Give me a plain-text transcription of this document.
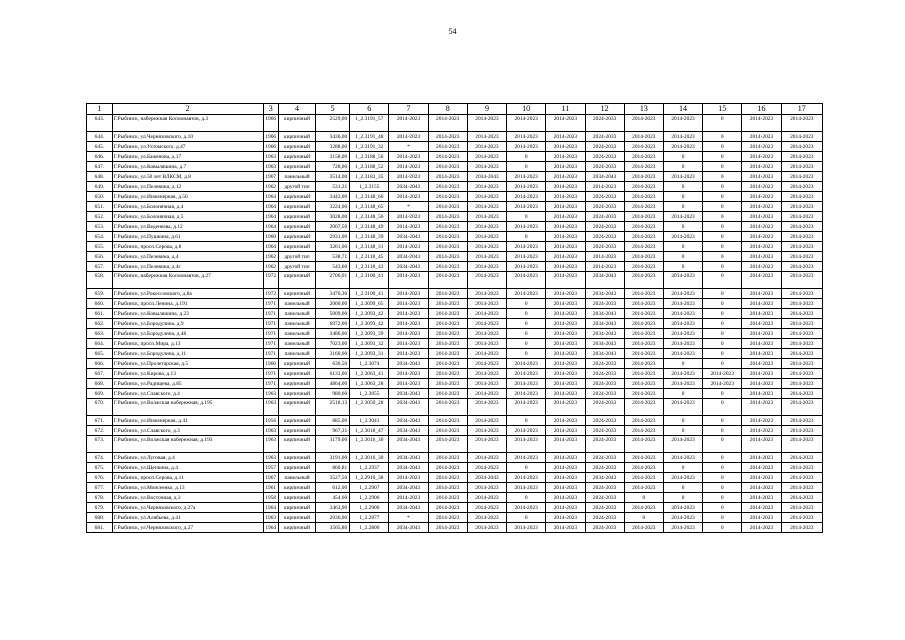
54
1	2	3	4	5	6	7	8	9	10	11	12	13	14	15	16	17
643.	Г.Рыбинск, набережная Космонавтов, д.3	1966	кирпичный	2529,00	1_2.3191_57	2014-2023	2014-2023	2014-2023	2014-2023	2014-2023	2024-2033	2014-2023	2014-2023	0	2014-2023	2014-2023
644.	Г.Рыбинск, ул.Черняховского, д.10	1966	кирпичный	3436,00	1_2.3191_48	2014-2023	2014-2023	2014-2023	2014-2023	2014-2023	2024-2033	2014-2023	2014-2023	0	2014-2023	2014-2023
645.	Г.Рыбинск, ул.Ухтомского, д.47	1966	кирпичный	3288,00	1_2.3191_32	*	2014-2023	2014-2023	2014-2023	2014-2023	2024-2033	2014-2023	2014-2023	0	2014-2023	2014-2023
646.	Г.Рыбинск, ул.Баженова, д.17	1963	кирпичный	3158,00	1_2.3188_56	2014-2023	2014-2023	2014-2023	0	2014-2023	2024-2033	2014-2023	0	0	2014-2023	2014-2023
647.	Г.Рыбинск, ул.Ковыляшина, д.7	1963	кирпичный	728,00	1_2.3188_52	2014-2023	2014-2023	2014-2023	0	2014-2023	2024-2033	2014-2023	0	0	2014-2023	2014-2023
648.	Г.Рыбинск, ул.50 лет ВЛКСМ, д.8	1967	панельный	3514,00	1_2.3183_35	2014-2023	2014-2023	2034-2043	2014-2023	2014-2023	2034-2043	2014-2023	2014-2023	0	2014-2023	2014-2023
649.	Г.Рыбинск, ул.Пелевина, д.12	1962	другой тип	531,21	1_2.3155	2034-2043	2014-2023	2014-2023	2014-2023	2014-2023	2014-2023	2014-2023	0	0	2014-2023	2014-2023
650.	Г.Рыбинск, ул.Инженерная, д.56	1964	кирпичный	3443,00	1_2.3148_66	2014-2023	2014-2023	2014-2023	2014-2023	2014-2023	2024-2033	2014-2023	0	0	2014-2023	2014-2023
651.	Г.Рыбинск, ул.Болонячная, д.4	1964	кирпичный	3224,00	1_2.3148_65	*	2014-2023	2014-2023	2014-2023	2014-2023	2024-2033	2014-2023	0	0	2014-2023	2014-2023
652.	Г.Рыбинск, ул.Болонячная, д.5	1964	кирпичный	3028,00	1_2.3148_56	2014-2023	2014-2023	2014-2023	0	2014-2023	2024-2033	2014-2023	2014-2023	0	2014-2023	2014-2023
653.	Г.Рыбинск, ул.Веденеева, д.12	1964	кирпичный	2007,50	1_2.3148_49	2014-2023	2014-2023	2014-2023	2014-2023	2014-2023	2024-2033	2014-2023	0	0	2014-2023	2014-2023
654.	Г.Рыбинск, ул.Пушкина, д.61	1960	кирпичный	2931,00	1_2.3148_39	2034-2043	2014-2023	2014-2023	0	2014-2023	2024-2033	2014-2023	2014-2023	0	2014-2023	2014-2023
655.	Г.Рыбинск, просп.Серова, д.8	1964	кирпичный	3261,00	1_2.3148_31	2014-2023	2014-2023	2014-2023	2014-2023	2014-2023	2024-2033	2014-2023	0	0	2014-2023	2014-2023
656.	Г.Рыбинск, ул.Пелевина, д.4	1962	другой тип	538,71	1_2.3118_45	2034-2043	2014-2023	2014-2023	2014-2023	2014-2023	2014-2023	2014-2023	0	0	2014-2023	2014-2023
657.	Г.Рыбинск, ул.Пелевина, д.4г	1962	другой тип	543,60	1_2.3118_43	2034-2043	2014-2023	2014-2023	2014-2023	2014-2023	2014-2023	2014-2023	0	0	2014-2023	2014-2023
658.	Г.Рыбинск, набережная Космонавтов, д.27	1972	кирпичный	2706,01	1_2.3100_41	2014-2023	2014-2023	2014-2023	2014-2023	2014-2023	2034-2043	2014-2023	2014-2023	0	2014-2023	2014-2023
659.	Г.Рыбинск, ул.Рокоссовского, д.8а	1972	кирпичный	3476,30	1_2.3100_41	2014-2023	2014-2023	2014-2023	2014-2023	2014-2023	2034-2043	2014-2023	2014-2023	0	2014-2023	2014-2023
660.	Г.Рыбинск, просп.Ленина, д.191	1971	панельный	2060,00	1_2.3099_65	2014-2023	2014-2023	2014-2023	0	2014-2023	2024-2033	2014-2023	2014-2023	0	2014-2023	2014-2023
661.	Г.Рыбинск, ул.Ковыляшина, д.23	1971	панельный	5009,00	1_2.3093_42	2014-2023	2014-2023	2014-2023	0	2014-2023	2034-2043	2014-2023	2014-2023	0	2014-2023	2014-2023
662.	Г.Рыбинск, ул.Бородулина, д.9	1971	панельный	6972,00	1_2.3093_42	2014-2023	2014-2023	2014-2023	0	2014-2023	2034-2043	2014-2023	2014-2023	0	2014-2023	2014-2023
663.	Г.Рыбинск, ул.Бородулина, д.48	1971	панельный	3486,00	1_2.3093_39	2014-2023	2014-2023	2014-2023	0	2014-2023	2034-2043	2014-2023	2014-2023	0	2014-2023	2014-2023
664.	Г.Рыбинск, просп.Мира, д.13	1971	панельный	7023,00	1_2.3093_32	2014-2023	2014-2023	2014-2023	0	2014-2023	2034-2043	2014-2023	2014-2023	0	2014-2023	2014-2023
665.	Г.Рыбинск, ул.Бородулина, д.11	1971	панельный	3160,00	1_2.3093_31	2014-2023	2014-2023	2014-2023	0	2014-2023	2034-2043	2014-2023	2014-2023	0	2014-2023	2014-2023
666.	Г.Рыбинск, ул.Пролетарская, д.5	1960	кирпичный	636,50	1_2.3074	2034-2043	2014-2023	2014-2023	2014-2023	2014-2023	2024-2033	2014-2023	0	0	2014-2023	2014-2023
667.	Г.Рыбинск, ул.Кирова, д.13	1971	кирпичный	6133,00	1_2.3063_41	2014-2023	2014-2023	2014-2023	2014-2023	2014-2023	2024-2033	2014-2023	2014-2023	2014-2023	2014-2023	2014-2023
668.	Г.Рыбинск, ул.Радищева, д.85	1971	кирпичный	4864,00	1_2.3063_28	2014-2023	2014-2023	2014-2023	2014-2023	2014-2023	2024-2033	2014-2023	2014-2023	2014-2023	2014-2023	2014-2023
669.	Г.Рыбинск, ул.Славского, д.4	1963	кирпичный	980,60	1_2.3055	2034-2043	2014-2023	2014-2023	2014-2023	2014-2023	2024-2033	2014-2023	0	0	2014-2023	2014-2023
670.	Г.Рыбинск, ул.Волжская набережная, д.195	1963	кирпичный	2518,13	1_2.3050_28	2034-2043	2014-2023	2014-2023	2014-2023	2014-2023	2024-2033	2014-2023	2014-2023	0	2014-2023	2014-2023
671.	Г.Рыбинск, ул.Инженерная, д.41	1956	кирпичный	885,00	1_2.3041	2034-2043	2014-2023	2014-2023	0	2014-2023	2024-2033	2014-2023	0	0	2014-2023	2014-2023
672.	Г.Рыбинск, ул.Славского, д.3	1963	кирпичный	967,31	1_2.3018_47	2034-2043	2014-2023	2014-2023	2014-2023	2014-2023	2024-2033	2014-2023	0	0	2014-2023	2014-2023
673.	Г.Рыбинск, ул.Волжская набережная, д.193	1963	кирпичный	3179,00	1_2.3016_30	2034-2043	2014-2023	2014-2023	2014-2023	2014-2023	2024-2033	2014-2023	2014-2023	0	2014-2023	2014-2023
674.	Г.Рыбинск, ул.Луговая, д.4	1963	кирпичный	3191,00	1_2.3016_30	2034-2043	2014-2023	2014-2023	2014-2023	2014-2023	2024-2033	2014-2023	2014-2023	0	2014-2023	2014-2023
675.	Г.Рыбинск, ул.Щепкина, д.4	1957	кирпичный	860,81	1_2.2937	2034-2043	2014-2023	2014-2023	0	2014-2023	2024-2033	2014-2023	0	0	2014-2023	2014-2023
676.	Г.Рыбинск, просп.Серова, д.11	1967	панельный	3527,50	1_2.2916_38	2014-2023	2014-2023	2034-2043	2014-2023	2014-2023	2034-2043	2014-2023	2014-2023	0	2014-2023	2014-2023
677.	Г.Рыбинск, ул.Моисеенко, д.13	1961	кирпичный	612,00	1_2.2907	2034-2043	2014-2023	2014-2023	2014-2023	2014-2023	2024-2033	2014-2023	0	0	2014-2023	2014-2023
678.	Г.Рыбинск, ул.Восточная, д.3	1958	кирпичный	454,60	1_2.2906	2014-2023	2014-2023	2014-2023	0	2014-2023	2024-2033	0	0	0	2014-2023	2014-2023
679.	Г.Рыбинск, ул.Черняховского, д.27а	1964	кирпичный	3463,90	1_2.2900	2034-2043	2014-2023	2014-2023	2014-2023	2014-2023	2024-2033	2014-2023	2014-2023	0	2014-2023	2014-2023
680.	Г.Рыбинск, ул.Алябьева, д.41	1963	кирпичный	2036,00	1_2.2877	*	2014-2023	2014-2023	0	2014-2023	2024-2033	0	2014-2023	0	2014-2023	2014-2023
681.	Г.Рыбинск, ул.Черняховского, д.27	1964	кирпичный	3565,80	1_2.2800	2034-2043	2014-2023	2014-2023	2014-2023	2014-2023	2024-2033	2014-2023	2014-2023	0	2014-2023	2014-2023
